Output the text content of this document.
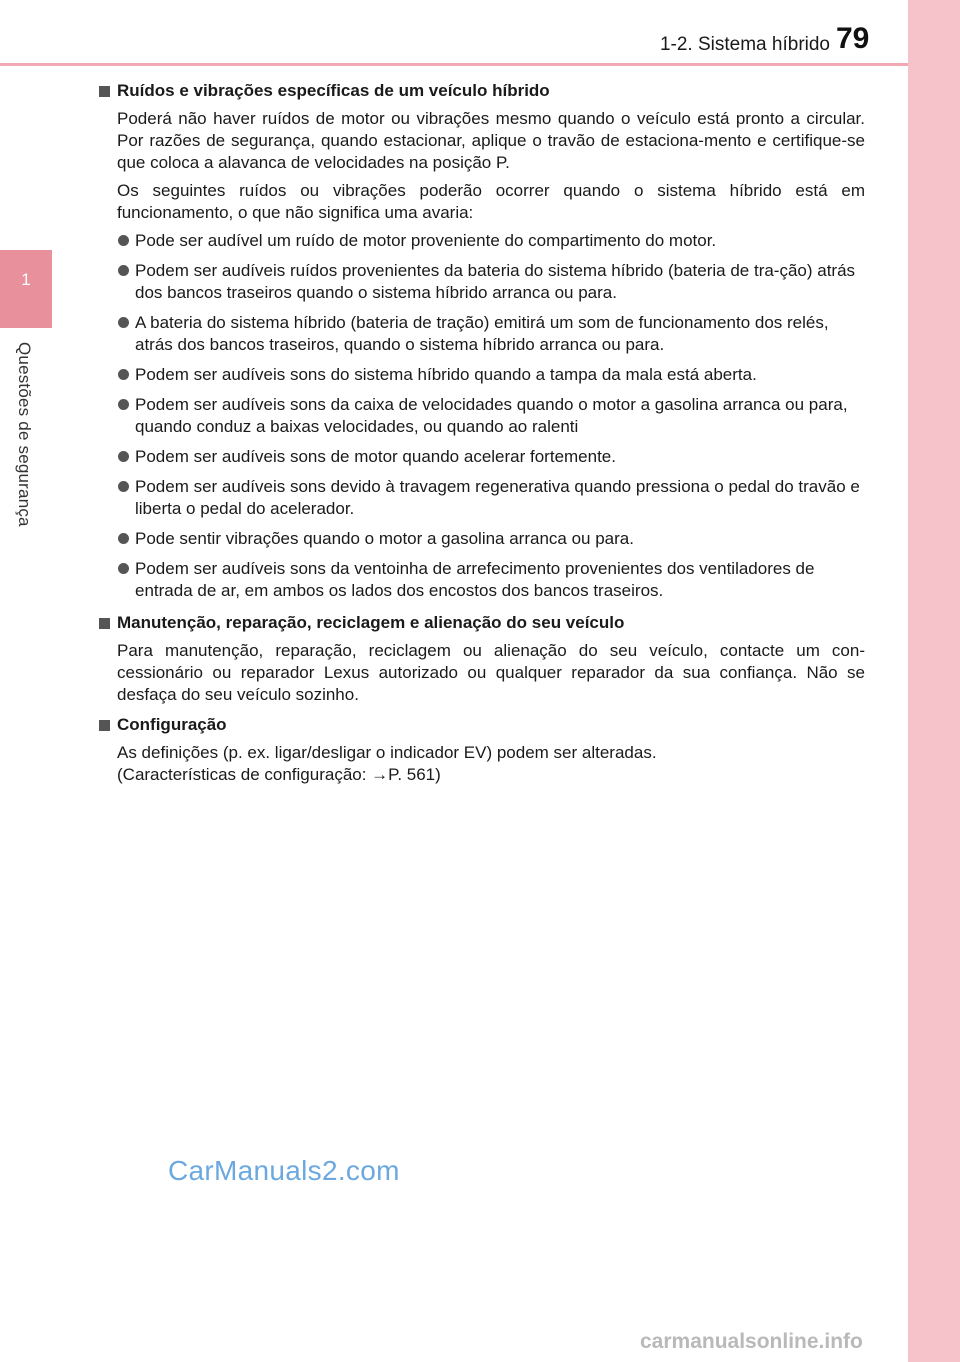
1
Questões de segurança
1-2. Sistema híbrido 79
Ruídos e vibrações específicas de um veículo híbrido
Poderá não haver ruídos de motor ou vibrações mesmo quando o veículo está pronto a circular. Por razões de segurança, quando estacionar, aplique o travão de estaciona-mento e certifique-se que coloca a alavanca de velocidades na posição P.
Os seguintes ruídos ou vibrações poderão ocorrer quando o sistema híbrido está em funcionamento, o que não significa uma avaria:
Pode ser audível um ruído de motor proveniente do compartimento do motor.
Podem ser audíveis ruídos provenientes da bateria do sistema híbrido (bateria de tra-ção) atrás dos bancos traseiros quando o sistema híbrido arranca ou para.
A bateria do sistema híbrido (bateria de tração) emitirá um som de funcionamento dos relés, atrás dos bancos traseiros, quando o sistema híbrido arranca ou para.
Podem ser audíveis sons do sistema híbrido quando a tampa da mala está aberta.
Podem ser audíveis sons da caixa de velocidades quando o motor a gasolina arranca ou para, quando conduz a baixas velocidades, ou quando ao ralenti
Podem ser audíveis sons de motor quando acelerar fortemente.
Podem ser audíveis sons devido à travagem regenerativa quando pressiona o pedal do travão e liberta o pedal do acelerador.
Pode sentir vibrações quando o motor a gasolina arranca ou para.
Podem ser audíveis sons da ventoinha de arrefecimento provenientes dos ventiladores de entrada de ar, em ambos os lados dos encostos dos bancos traseiros.
Manutenção, reparação, reciclagem e alienação do seu veículo
Para manutenção, reparação, reciclagem ou alienação do seu veículo, contacte um con-cessionário ou reparador Lexus autorizado ou qualquer reparador da sua confiança. Não se desfaça do seu veículo sozinho.
Configuração
As definições (p. ex. ligar/desligar o indicador EV) podem ser alteradas.
(Características de configuração: →P. 561)
CarManuals2.com
carmanualsonline.info
